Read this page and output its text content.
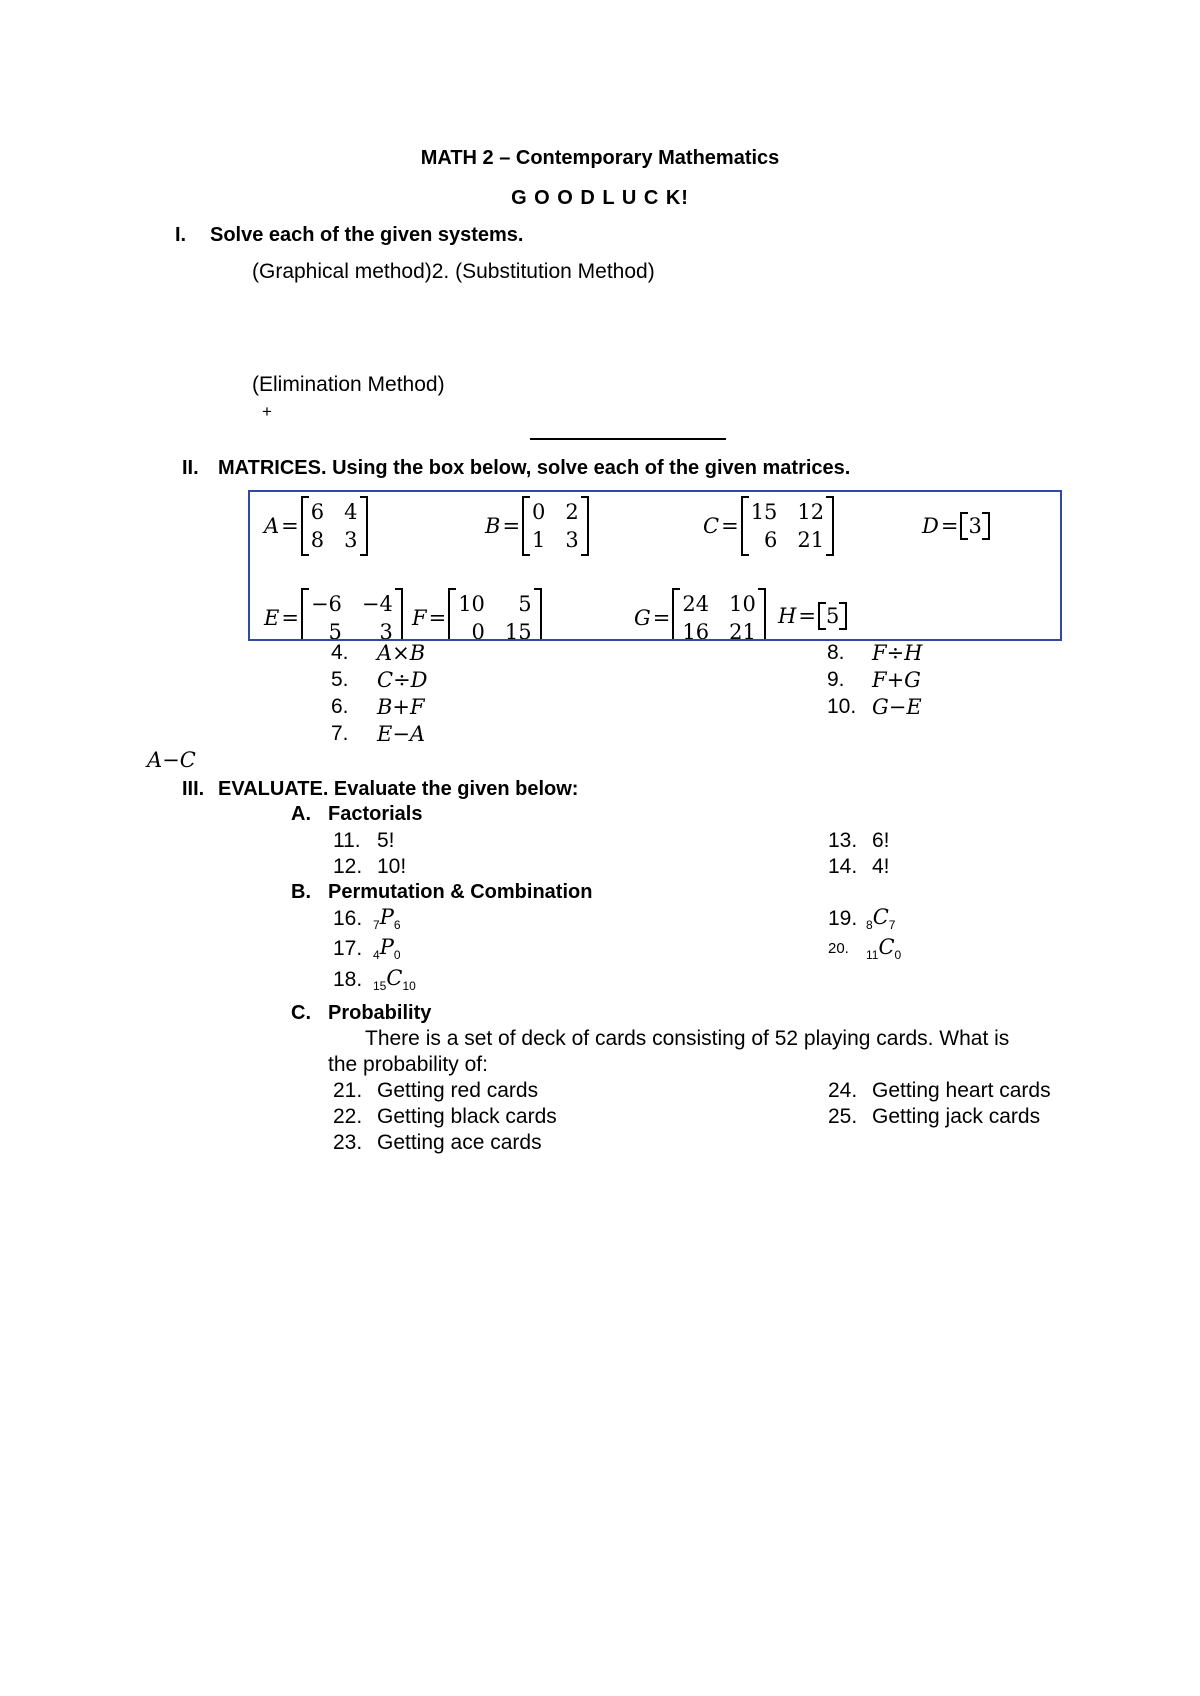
MATH 2 – Contemporary Mathematics
G O O D L U C K!
I. Solve each of the given systems.
(Graphical method)2. (Substitution Method)
(Elimination Method)
+
II. MATRICES. Using the box below, solve each of the given matrices.
A =
6 4
8 3
B =
0 2
1 3
C =
15 12
6 21
D = 3
E =
−6 −4
5	3
F =
10	5
0 15
G =
24 10
16 21
H = 5
4. A×B
5. C÷D
6. B+F
7. E−A
8. F÷H
9. F+G
10. G−E
A−C
III. EVALUATE. Evaluate the given below:
A. Factorials
11. 5!
12. 10!
13. 6!
14. 4!
B. Permutation & Combination
16. $_7P_6$
17. $_4P_0$
18. $_{15}C_{10}$
19. $_8C_7$
20. $_{11}C_0$
C. Probability
There is a set of deck of cards consisting of 52 playing cards. What is
the probability of:
21. Getting red cards
22. Getting black cards
23. Getting ace cards
24. Getting heart cards
25. Getting jack cards
